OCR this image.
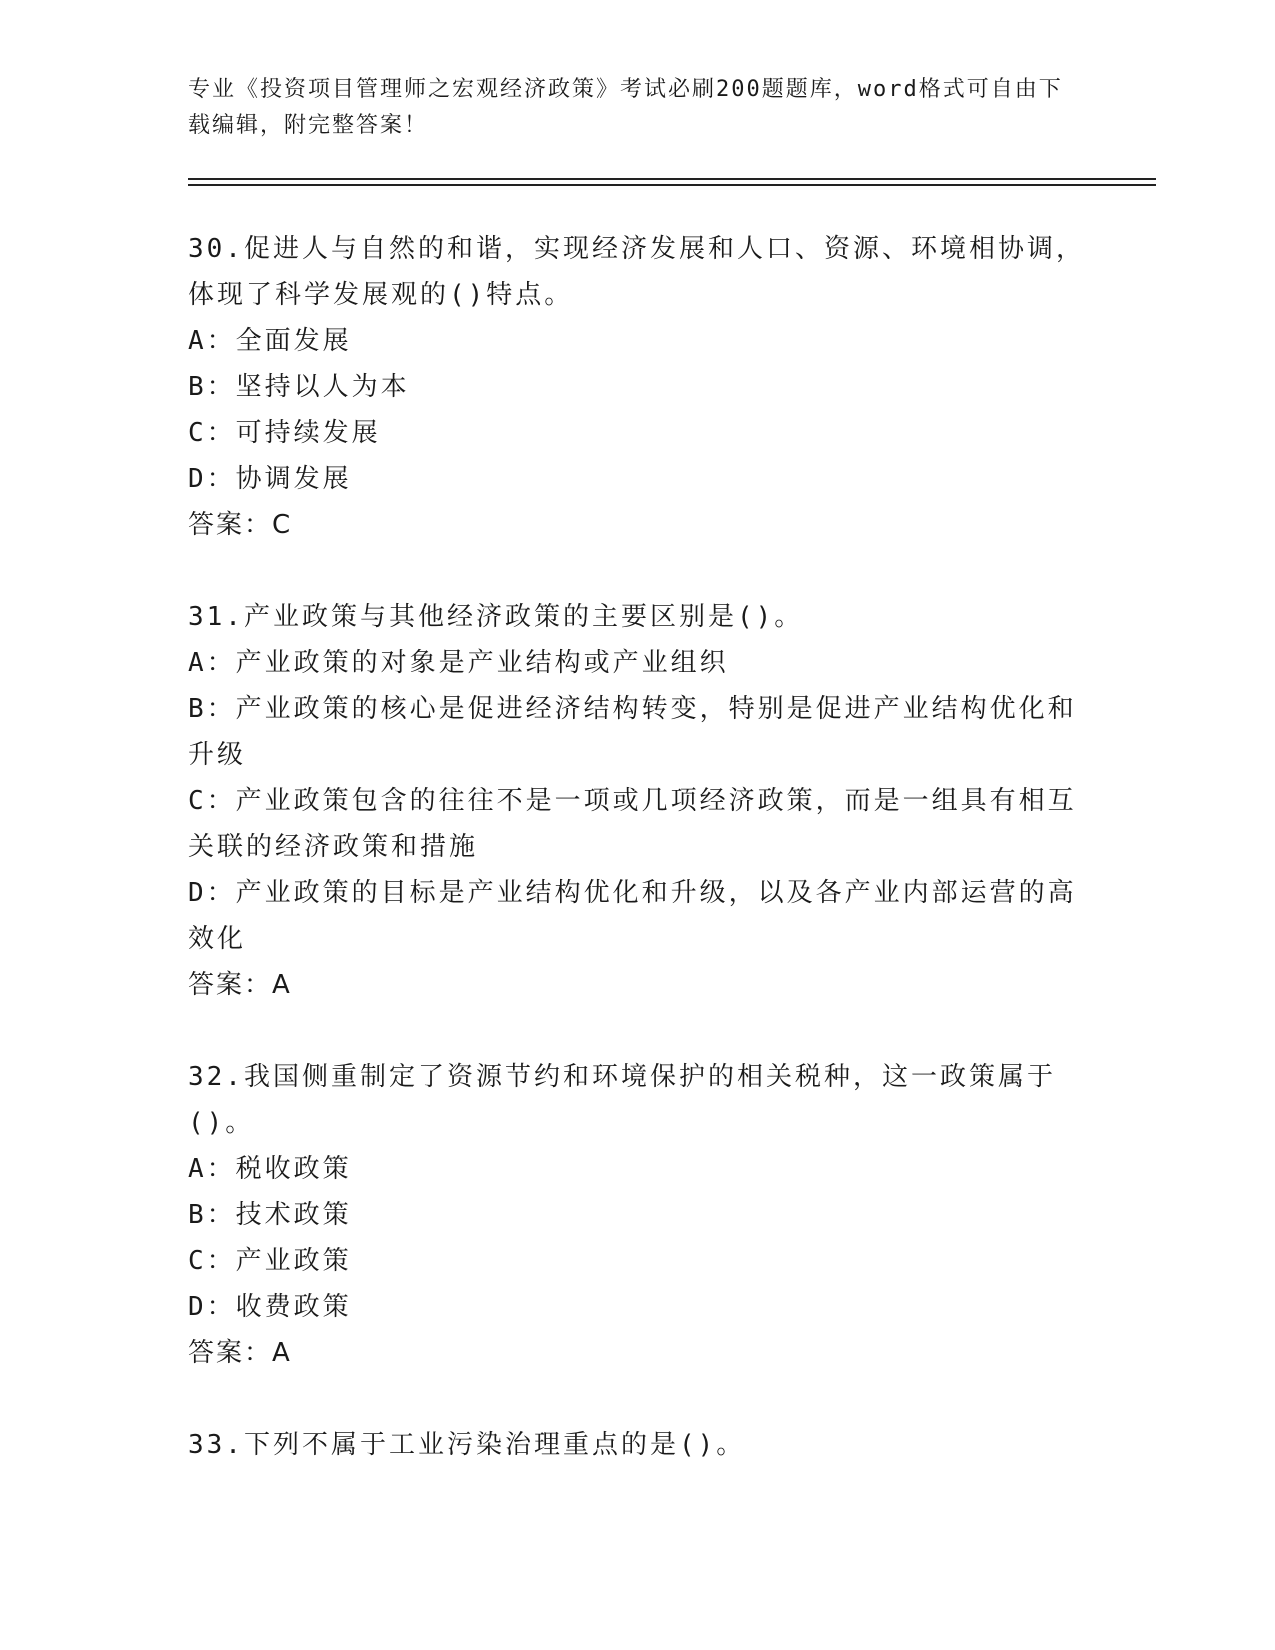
专业《投资项目管理师之宏观经济政策》考试必刷200题题库，word格式可自由下载编辑，附完整答案！

30.促进人与自然的和谐，实现经济发展和人口、资源、环境相协调，体现了科学发展观的()特点。

A：全面发展

B：坚持以人为本

C：可持续发展

D：协调发展

答案：C

31.产业政策与其他经济政策的主要区别是()。

A：产业政策的对象是产业结构或产业组织

B：产业政策的核心是促进经济结构转变，特别是促进产业结构优化和升级

C：产业政策包含的往往不是一项或几项经济政策，而是一组具有相互关联的经济政策和措施

D：产业政策的目标是产业结构优化和升级，以及各产业内部运营的高效化

答案：A

32.我国侧重制定了资源节约和环境保护的相关税种，这一政策属于()。

A：税收政策

B：技术政策

C：产业政策

D：收费政策

答案：A

33.下列不属于工业污染治理重点的是()。
